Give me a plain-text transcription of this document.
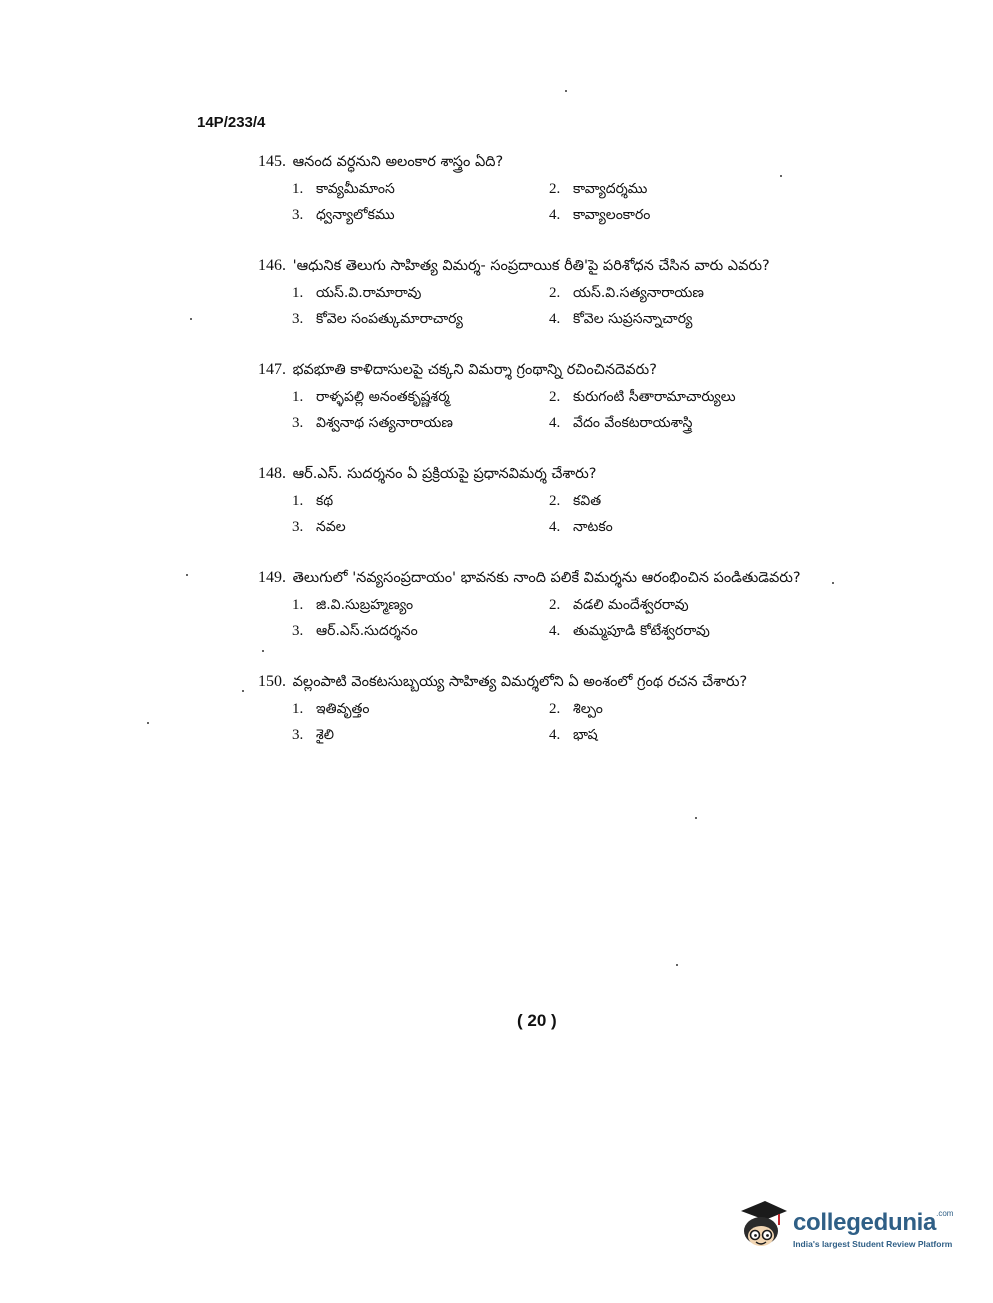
14P/233/4
145. ఆనంద వర్ధనుని అలంకార శాస్త్రం ఏది?
1. కావ్యమీమాంస	2. కావ్యాదర్శము
3. ధ్వన్యాలోకము	4. కావ్యాలంకారం
146. 'ఆధునిక తెలుగు సాహిత్య విమర్శ- సంప్రదాయిక రీతి'పై పరిశోధన చేసిన వారు ఎవరు?
1. యస్.వి.రామారావు	2. యస్.వి.సత్యనారాయణ
3. కోవెల సంపత్కుమారాచార్య	4. కోవెల సుప్రసన్నాచార్య
147. భవభూతి కాళిదాసులపై చక్కని విమర్శా గ్రంథాన్ని రచించినదెవరు?
1. రాళ్ళపల్లి అనంతకృష్ణశర్మ	2. కురుగంటి సీతారామాచార్యులు
3. విశ్వనాథ సత్యనారాయణ	4. వేదం వేంకటరాయశాస్త్రి
148. ఆర్.ఎస్. సుదర్శనం ఏ ప్రక్రియపై ప్రధానవిమర్శ చేశారు?
1. కథ	2. కవిత
3. నవల	4. నాటకం
149. తెలుగులో 'నవ్యసంప్రదాయం' భావనకు నాంది పలికే విమర్శను ఆరంభించిన పండితుడెవరు?
1. జి.వి.సుబ్రహ్మణ్యం	2. వడలి మందేశ్వరరావు
3. ఆర్.ఎస్.సుదర్శనం	4. తుమ్మపూడి కోటేశ్వరరావు
150. వల్లంపాటి వెంకటసుబ్బయ్య సాహిత్య విమర్శలోని ఏ అంశంలో గ్రంథ రచన చేశారు?
1. ఇతివృత్తం	2. శిల్పం
3. శైలి	4. భాష
( 20 )
collegedunia$^{.com}$
India's largest Student Review Platform
